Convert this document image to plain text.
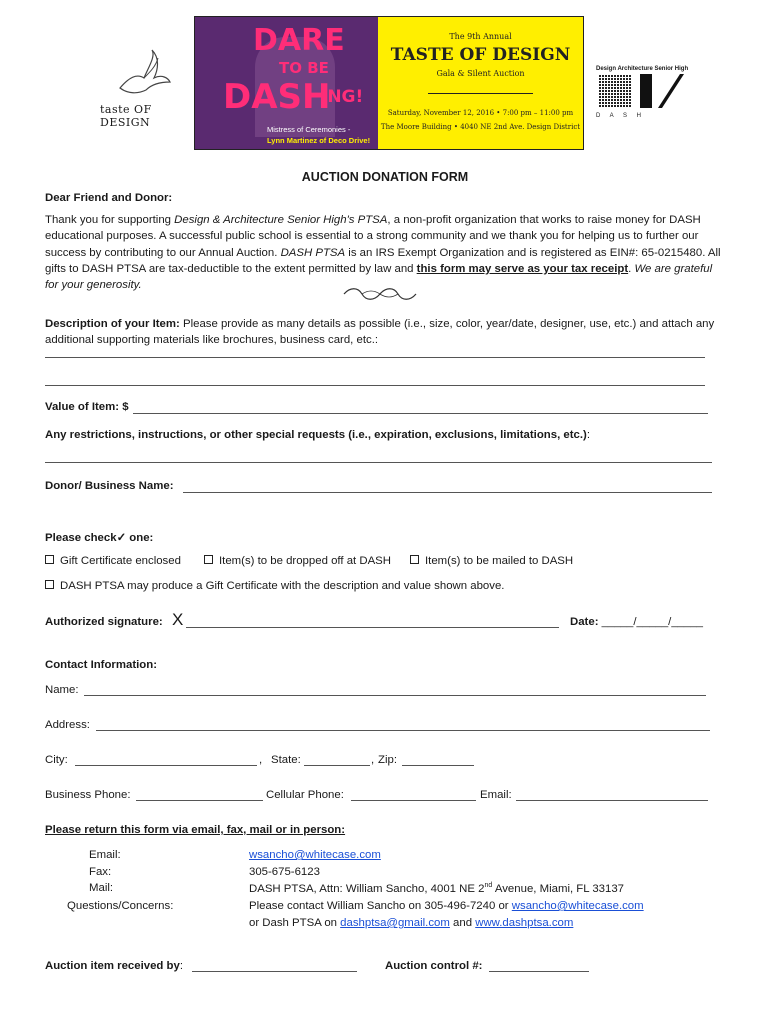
taste OF DESIGN
DARE
TO BE
DASH
ING!
Mistress of Ceremonies -
Lynn Martinez of Deco Drive!
The 9th Annual
TASTE OF DESIGN
Gala & Silent Auction
Saturday, November 12, 2016 • 7:00 pm – 11:00 pm
The Moore Building • 4040 NE 2nd Ave. Design District
Design Architecture Senior High
D A S H
AUCTION DONATION FORM
Dear Friend and Donor:
Thank you for supporting Design & Architecture Senior High's PTSA, a non-profit organization that works to raise money for DASH educational purposes. A successful public school is essential to a strong community and we thank you for helping us to further our success by contributing to our Annual Auction. DASH PTSA is an IRS Exempt Organization and is registered as EIN#: 65-0215480. All gifts to DASH PTSA are tax-deductible to the extent permitted by law and this form may serve as your tax receipt. We are grateful for your generosity.
Description of your Item: Please provide as many details as possible (i.e., size, color, year/date, designer, use, etc.) and attach any
additional supporting materials like brochures, business card, etc.:
Value of Item: $
Any restrictions, instructions, or other special requests (i.e., expiration, exclusions, limitations, etc.):
Donor/ Business Name:
Please check✓ one:
Gift Certificate enclosed	Item(s) to be dropped off at DASH	Item(s) to be mailed to DASH
DASH PTSA may produce a Gift Certificate with the description and value shown above.
Authorized signature: X	Date: _____/_____/_____
Contact Information:
Name:
Address:
City:	, State:	, Zip:
Business Phone:	Cellular Phone:	Email:
Please return this form via email, fax, mail or in person:
Email:	wsancho@whitecase.com
Fax:	305-675-6123
Mail:	DASH PTSA, Attn: William Sancho, 4001 NE 2nd Avenue, Miami, FL 33137
Questions/Concerns:	Please contact William Sancho on 305-496-7240 or wsancho@whitecase.com
or Dash PTSA on dashptsa@gmail.com and www.dashptsa.com
Auction item received by:	Auction control #:
